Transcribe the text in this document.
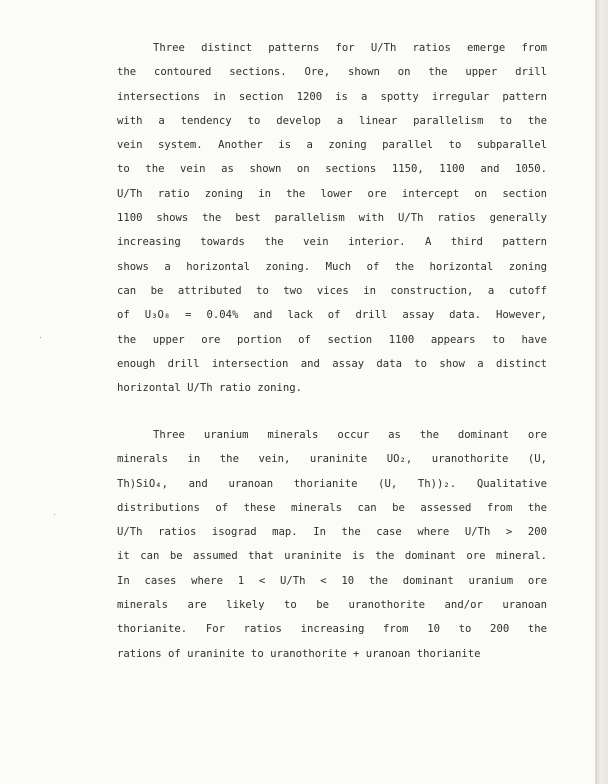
Three distinct patterns for U/Th ratios emerge from
the contoured sections. Ore, shown on the upper drill
intersections in section 1200 is a spotty irregular pattern
with a tendency to develop a linear parallelism to the
vein system. Another is a zoning parallel to subparallel
to the vein as shown on sections 1150, 1100 and 1050.
U/Th ratio zoning in the lower ore intercept on section
1100 shows the best parallelism with U/Th ratios generally
increasing towards the vein interior. A third pattern
shows a horizontal zoning. Much of the horizontal zoning
can be attributed to two vices in construction, a cutoff
of U₃O₈ = 0.04% and lack of drill assay data. However,
the upper ore portion of section 1100 appears to have
enough drill intersection and assay data to show a distinct
horizontal U/Th ratio zoning.
Three uranium minerals occur as the dominant ore
minerals in the vein, uraninite UO₂, uranothorite (U,
Th)SiO₄, and uranoan thorianite (U, Th))₂. Qualitative
distributions of these minerals can be assessed from the
U/Th ratios isograd map. In the case where U/Th > 200
it can be assumed that uraninite is the dominant ore mineral.
In cases where 1 < U/Th < 10 the dominant uranium ore
minerals are likely to be uranothorite and/or uranoan
thorianite. For ratios increasing from 10 to 200 the
rations of uraninite to uranothorite + uranoan thorianite
